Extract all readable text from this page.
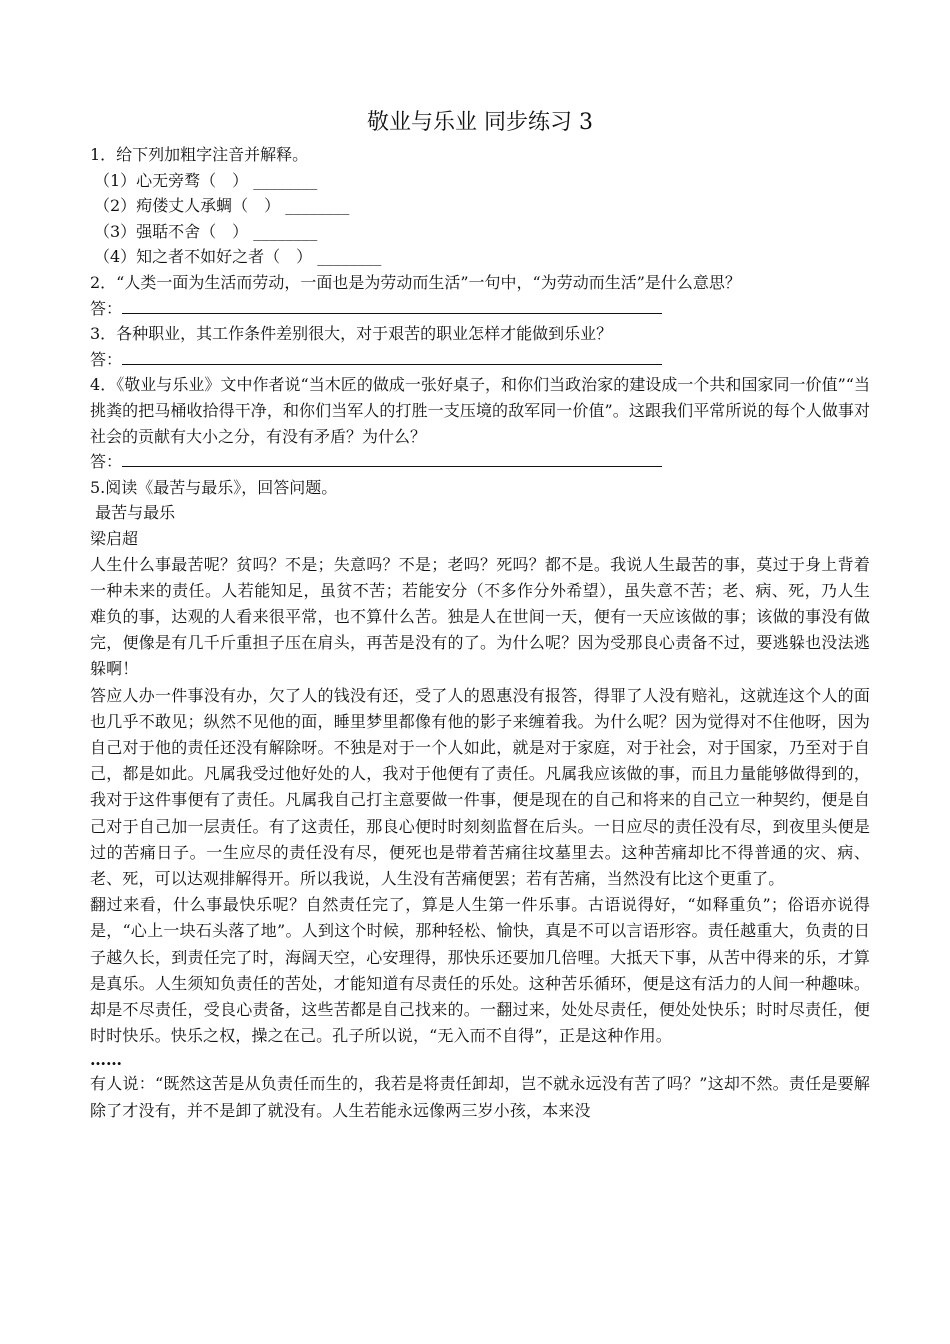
敬业与乐业 同步练习 3

1．给下列加粗字注音并解释。

（1）心无旁骛（　） ________

（2）痀偻丈人承蜩（　） ________

（3）强聒不舍（　） ________

（4）知之者不如好之者（　） ________

2．“人类一面为生活而劳动，一面也是为劳动而生活”一句中，“为劳动而生活”是什么意思？

答：

3．各种职业，其工作条件差别很大，对于艰苦的职业怎样才能做到乐业？

答：

4．《敬业与乐业》文中作者说“当木匠的做成一张好桌子，和你们当政治家的建设成一个共和国家同一价值”“当挑粪的把马桶收拾得干净，和你们当军人的打胜一支压境的敌军同一价值”。这跟我们平常所说的每个人做事对社会的贡献有大小之分，有没有矛盾？为什么？

答：

5.阅读《最苦与最乐》，回答问题。

最苦与最乐

梁启超

人生什么事最苦呢？贫吗？不是；失意吗？不是；老吗？死吗？都不是。我说人生最苦的事，莫过于身上背着一种未来的责任。人若能知足，虽贫不苦；若能安分（不多作分外希望），虽失意不苦；老、病、死，乃人生难负的事，达观的人看来很平常，也不算什么苦。独是人在世间一天，便有一天应该做的事；该做的事没有做完，便像是有几千斤重担子压在肩头，再苦是没有的了。为什么呢？因为受那良心责备不过，要逃躲也没法逃躲啊！

答应人办一件事没有办，欠了人的钱没有还，受了人的恩惠没有报答，得罪了人没有赔礼，这就连这个人的面也几乎不敢见；纵然不见他的面，睡里梦里都像有他的影子来缠着我。为什么呢？因为觉得对不住他呀，因为自己对于他的责任还没有解除呀。不独是对于一个人如此，就是对于家庭，对于社会，对于国家，乃至对于自己，都是如此。凡属我受过他好处的人，我对于他便有了责任。凡属我应该做的事，而且力量能够做得到的，我对于这件事便有了责任。凡属我自己打主意要做一件事，便是现在的自己和将来的自己立一种契约，便是自己对于自己加一层责任。有了这责任，那良心便时时刻刻监督在后头。一日应尽的责任没有尽，到夜里头便是过的苦痛日子。一生应尽的责任没有尽，便死也是带着苦痛往坟墓里去。这种苦痛却比不得普通的灾、病、老、死，可以达观排解得开。所以我说，人生没有苦痛便罢；若有苦痛，当然没有比这个更重了。

翻过来看，什么事最快乐呢？自然责任完了，算是人生第一件乐事。古语说得好，“如释重负”；俗语亦说得是，“心上一块石头落了地”。人到这个时候，那种轻松、愉快，真是不可以言语形容。责任越重大，负责的日子越久长，到责任完了时，海阔天空，心安理得，那快乐还要加几倍哩。大抵天下事，从苦中得来的乐，才算是真乐。人生须知负责任的苦处，才能知道有尽责任的乐处。这种苦乐循环，便是这有活力的人间一种趣味。却是不尽责任，受良心责备，这些苦都是自己找来的。一翻过来，处处尽责任，便处处快乐；时时尽责任，便时时快乐。快乐之权，操之在己。孔子所以说，“无入而不自得”，正是这种作用。

……

有人说：“既然这苦是从负责任而生的，我若是将责任卸却，岂不就永远没有苦了吗？”这却不然。责任是要解除了才没有，并不是卸了就没有。人生若能永远像两三岁小孩，本来没
